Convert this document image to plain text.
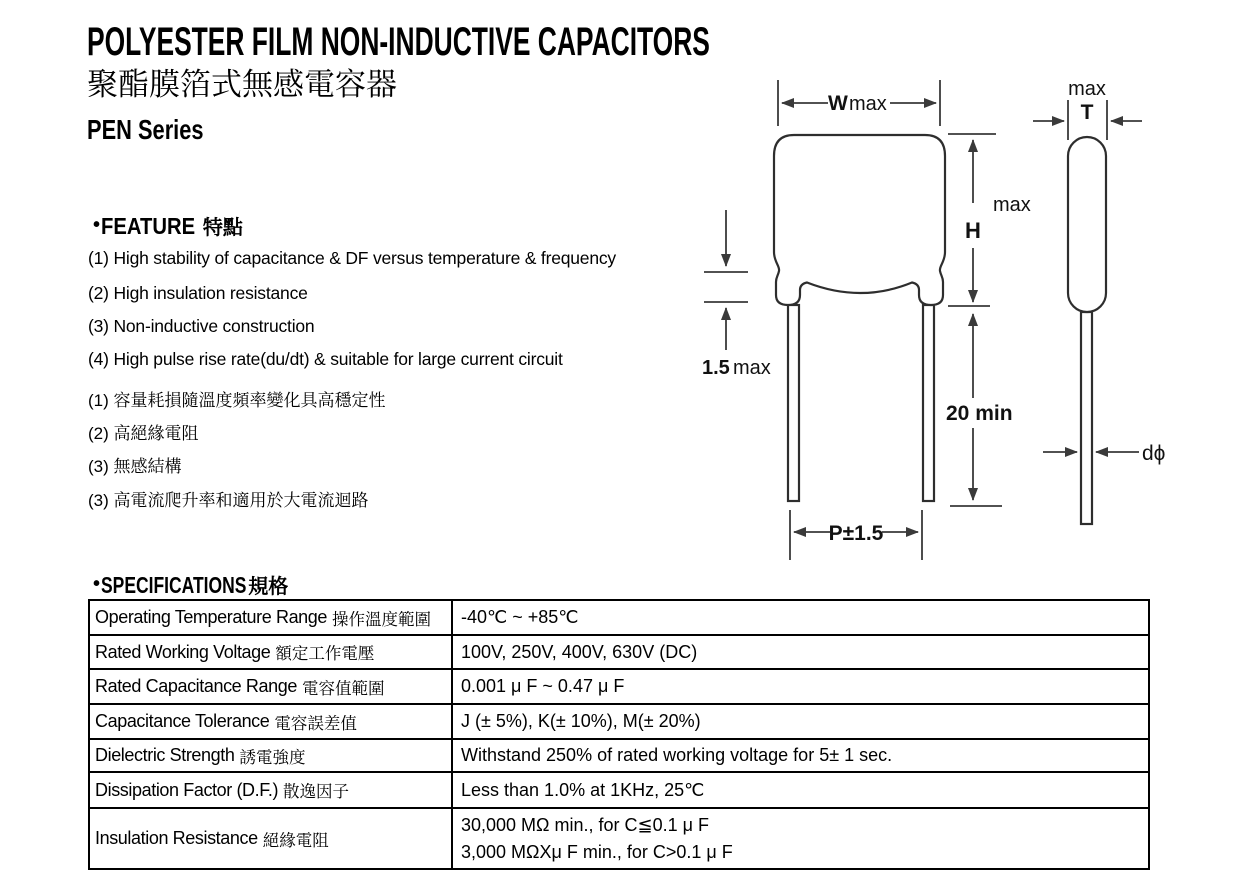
POLYESTER FILM NON-INDUCTIVE CAPACITORS
聚酯膜箔式無感電容器
PEN Series
•FEATURE 特點
(1) High stability of capacitance & DF versus temperature & frequency
(2) High insulation resistance
(3) Non-inductive construction
(4) High pulse rise rate(du/dt) & suitable for large current circuit
(1) 容量耗損隨溫度頻率變化具高穩定性
(2) 高絕緣電阻
(3) 無感結構
(3) 高電流爬升率和適用於大電流迴路
W max
max
H
1.5 max
20 min
P±1.5
max
T
dϕ
•SPECIFICATIONS規格
Operating Temperature Range 操作溫度範圍 -40℃ ~ +85℃
Rated Working Voltage 額定工作電壓	100V, 250V, 400V, 630V (DC)
Rated Capacitance Range 電容值範圍	0.001 μ F ~ 0.47 μ F
Capacitance Tolerance 電容誤差值	J (± 5%), K(± 10%), M(± 20%)
Dielectric Strength 誘電強度	Withstand 250% of rated working voltage for 5± 1 sec.
Dissipation Factor (D.F.) 散逸因子	Less than 1.0% at 1KHz, 25℃
Insulation Resistance 絕緣電阻
30,000 MΩ min., for C≦0.1 μ F
3,000 MΩXμ F min., for C>0.1 μ F
